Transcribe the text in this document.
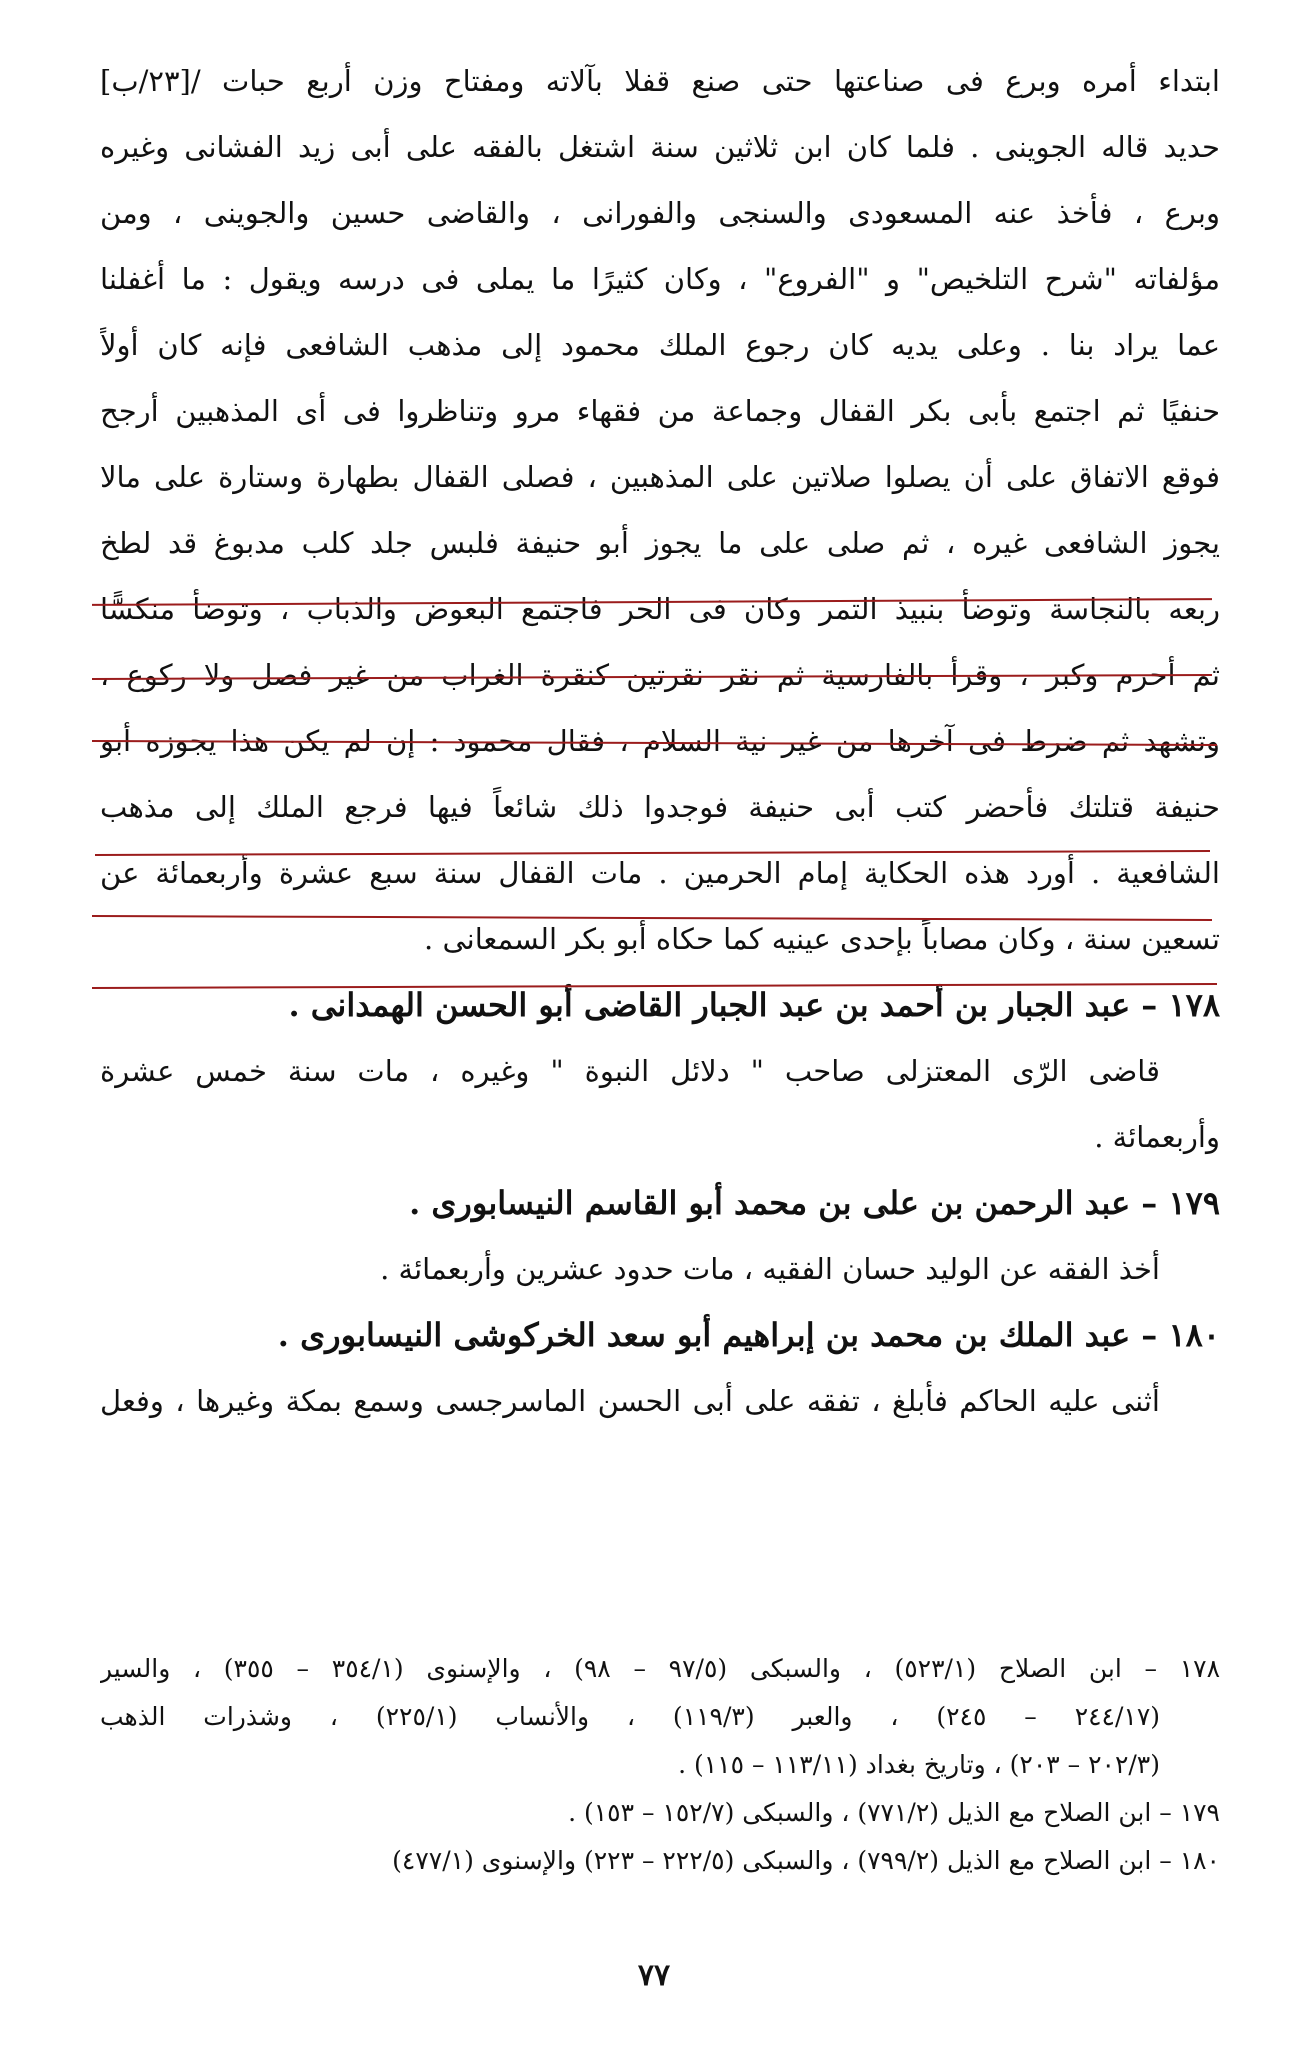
ابتداء أمره وبرع فى صناعتها حتى صنع قفلا بآلاته ومفتاح وزن أربع حبات /[٢٣/ب]
حديد قاله الجوينى . فلما كان ابن ثلاثين سنة اشتغل بالفقه على أبى زيد الفشانى وغيره
وبرع ، فأخذ عنه المسعودى والسنجى والفورانى ، والقاضى حسين والجوينى ، ومن
مؤلفاته "شرح التلخيص" و "الفروع" ، وكان كثيرًا ما يملى فى درسه ويقول : ما أغفلنا
عما يراد بنا . وعلى يديه كان رجوع الملك محمود إلى مذهب الشافعى فإنه كان أولاً
حنفيًا ثم اجتمع بأبى بكر القفال وجماعة من فقهاء مرو وتناظروا فى أى المذهبين أرجح
فوقع الاتفاق على أن يصلوا صلاتين على المذهبين ، فصلى القفال بطهارة وستارة على مالا
يجوز الشافعى غيره ، ثم صلى على ما يجوز أبو حنيفة فلبس جلد كلب مدبوغ قد لطخ
ربعه بالنجاسة وتوضأ بنبيذ التمر وكان فى الحر فاجتمع البعوض والذباب ، وتوضأ منكسًّا
ثم أحرم وكبر ، وقرأ بالفارسية ثم نقر نقرتين كنقرة الغراب من غير فصل ولا ركوع ،
وتشهد ثم ضرط فى آخرها من غير نية السلام ، فقال محمود : إن لم يكن هذا يجوزه أبو
حنيفة قتلتك فأحضر كتب أبى حنيفة فوجدوا ذلك شائعاً فيها فرجع الملك إلى مذهب
الشافعية . أورد هذه الحكاية إمام الحرمين . مات القفال سنة سبع عشرة وأربعمائة عن
تسعين سنة ، وكان مصاباً بإحدى عينيه كما حكاه أبو بكر السمعانى .
١٧٨ – عبد الجبار بن أحمد بن عبد الجبار القاضى أبو الحسن الهمدانى .
قاضى الرّى المعتزلى صاحب " دلائل النبوة " وغيره ، مات سنة خمس عشرة
وأربعمائة .
١٧٩ – عبد الرحمن بن على بن محمد أبو القاسم النيسابورى .
أخذ الفقه عن الوليد حسان الفقيه ، مات حدود عشرين وأربعمائة .
١٨٠ – عبد الملك بن محمد بن إبراهيم أبو سعد الخركوشى النيسابورى .
أثنى عليه الحاكم فأبلغ ، تفقه على أبى الحسن الماسرجسى وسمع بمكة وغيرها ، وفعل
١٧٨ – ابن الصلاح (٥٢٣/١) ، والسبكى (٩٧/٥ – ٩٨) ، والإسنوى (٣٥٤/١ – ٣٥٥) ، والسير
(٢٤٤/١٧ – ٢٤٥) ، والعبر (١١٩/٣) ، والأنساب (٢٢٥/١) ، وشذرات الذهب
(٢٠٢/٣ – ٢٠٣) ، وتاريخ بغداد (١١٣/١١ – ١١٥) .
١٧٩ – ابن الصلاح مع الذيل (٧٧١/٢) ، والسبكى (١٥٢/٧ – ١٥٣) .
١٨٠ – ابن الصلاح مع الذيل (٧٩٩/٢) ، والسبكى (٢٢٢/٥ – ٢٢٣) والإسنوى (٤٧٧/١)
٧٧
